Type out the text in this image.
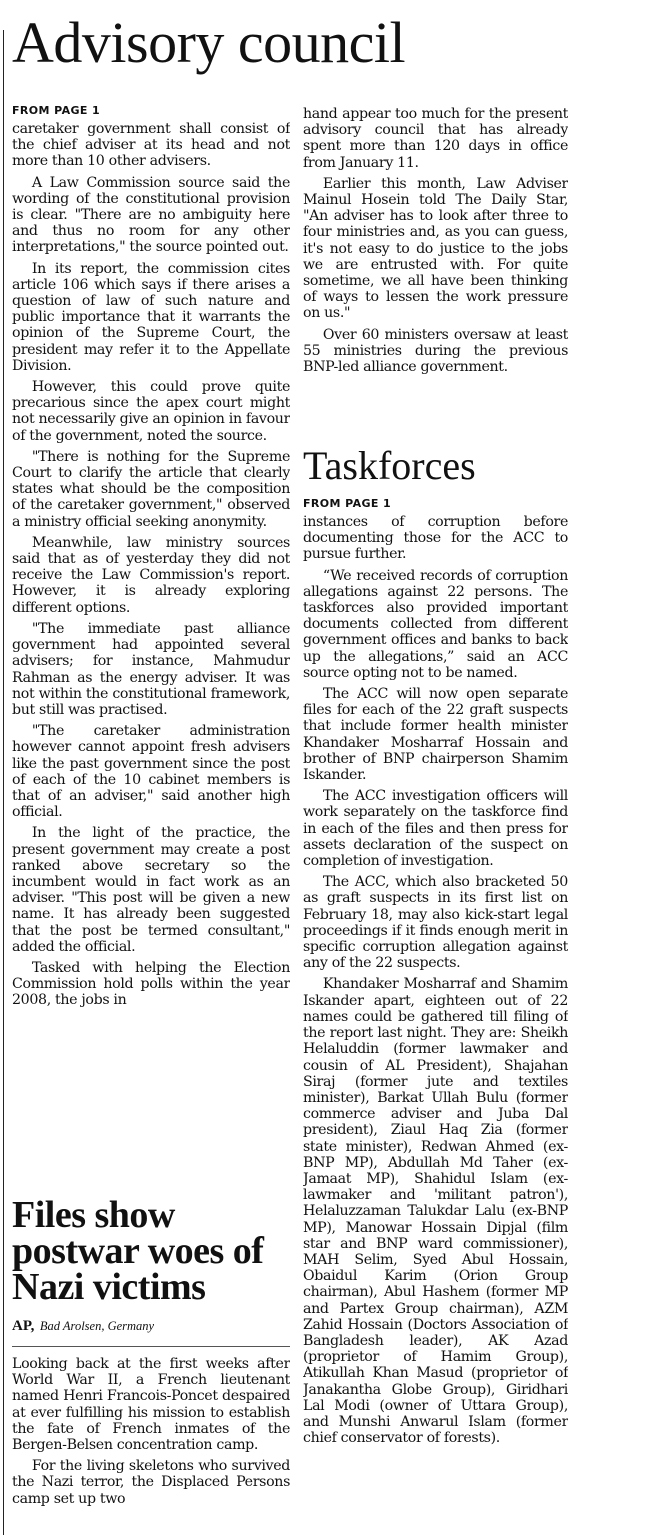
Advisory council
FROM PAGE 1

caretaker government shall consist of the chief adviser at its head and not more than 10 other advisers.

A Law Commission source said the wording of the constitutional provision is clear. "There are no ambiguity here and thus no room for any other interpretations," the source pointed out.

In its report, the commission cites article 106 which says if there arises a question of law of such nature and public importance that it warrants the opinion of the Supreme Court, the president may refer it to the Appellate Division.

However, this could prove quite precarious since the apex court might not necessarily give an opinion in favour of the government, noted the source.

"There is nothing for the Supreme Court to clarify the article that clearly states what should be the composition of the caretaker government," observed a ministry official seeking anonymity.

Meanwhile, law ministry sources said that as of yesterday they did not receive the Law Commission's report. However, it is already exploring different options.

"The immediate past alliance government had appointed several advisers; for instance, Mahmudur Rahman as the energy adviser. It was not within the constitutional framework, but still was practised.

"The caretaker administration however cannot appoint fresh advisers like the past government since the post of each of the 10 cabinet members is that of an adviser," said another high official.

In the light of the practice, the present government may create a post ranked above secretary so the incumbent would in fact work as an adviser. "This post will be given a new name. It has already been suggested that the post be termed consultant," added the official.

Tasked with helping the Election Commission hold polls within the year 2008, the jobs in

hand appear too much for the present advisory council that has already spent more than 120 days in office from January 11.

Earlier this month, Law Adviser Mainul Hosein told The Daily Star, "An adviser has to look after three to four ministries and, as you can guess, it's not easy to do justice to the jobs we are entrusted with. For quite sometime, we all have been thinking of ways to lessen the work pressure on us."

Over 60 ministers oversaw at least 55 ministries during the previous BNP-led alliance government.

Taskforces
FROM PAGE 1

instances of corruption before documenting those for the ACC to pursue further.

“We received records of corruption allegations against 22 persons. The taskforces also provided important documents collected from different government offices and banks to back up the allegations,” said an ACC source opting not to be named.

The ACC will now open separate files for each of the 22 graft suspects that include former health minister Khandaker Mosharraf Hossain and brother of BNP chairperson Shamim Iskander.

The ACC investigation officers will work separately on the taskforce find in each of the files and then press for assets declaration of the suspect on completion of investigation.

The ACC, which also bracketed 50 as graft suspects in its first list on February 18, may also kick-start legal proceedings if it finds enough merit in specific corruption allegation against any of the 22 suspects.

Khandaker Mosharraf and Shamim Iskander apart, eighteen out of 22 names could be gathered till filing of the report last night. They are: Sheikh Helaluddin (former lawmaker and cousin of AL President), Shajahan Siraj (former jute and textiles minister), Barkat Ullah Bulu (former commerce adviser and Juba Dal president), Ziaul Haq Zia (former state minister), Redwan Ahmed (ex-BNP MP), Abdullah Md Taher (ex-Jamaat MP), Shahidul Islam (ex-lawmaker and 'militant patron'), Helaluzzaman Talukdar Lalu (ex-BNP MP), Manowar Hossain Dipjal (film star and BNP ward commissioner), MAH Selim, Syed Abul Hossain, Obaidul Karim (Orion Group chairman), Abul Hashem (former MP and Partex Group chairman), AZM Zahid Hossain (Doctors Association of Bangladesh leader), AK Azad (proprietor of Hamim Group), Atikullah Khan Masud (proprietor of Janakantha Globe Group), Giridhari Lal Modi (owner of Uttara Group), and Munshi Anwarul Islam (former chief conservator of forests).

Files show postwar woes of Nazi victims
AP, Bad Arolsen, Germany

Looking back at the first weeks after World War II, a French lieutenant named Henri Francois-Poncet despaired at ever fulfilling his mission to establish the fate of French inmates of the Bergen-Belsen concentration camp.

For the living skeletons who survived the Nazi terror, the Displaced Persons camp set up two
